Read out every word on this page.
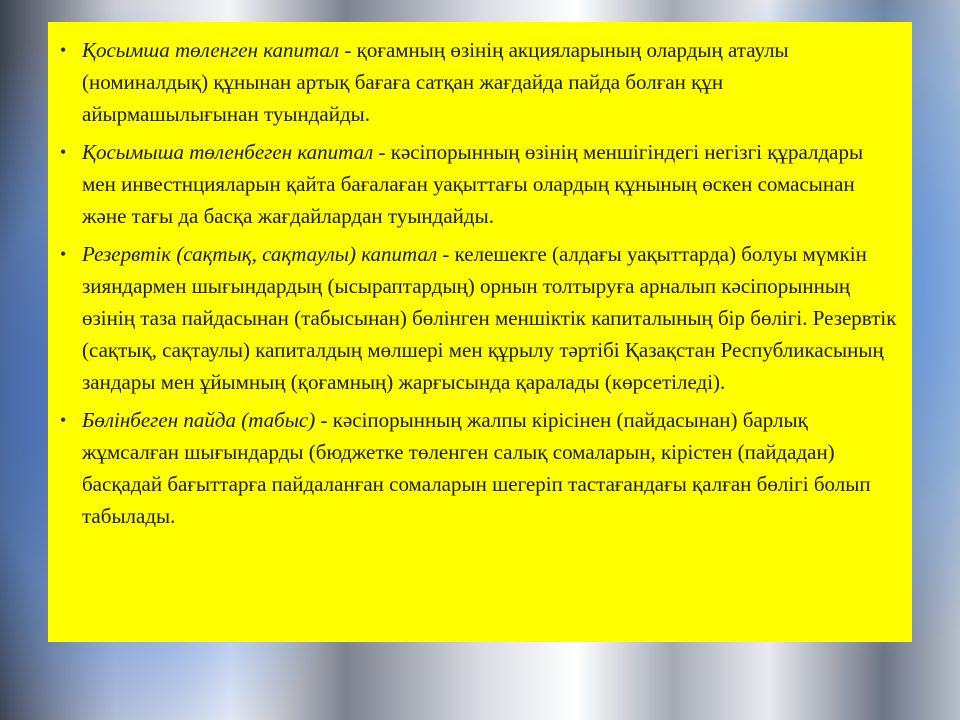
• Қосымша төленген капитал - қоғамның өзінің акцияларының олардың атаулы (номиналдық) құнынан артық бағаға сатқан жағдайда пайда болған құн айырмашылығынан туындайды.
• Қосымыша төленбеген капитал - кәсіпорынның өзінің меншігіндегі негізгі құралдары мен инвестнцияларын қайта бағалаған уақыттағы олардың құнының өскен сомасынан және тағы да басқа жағдайлардан туындайды.
• Резервтік (сақтық, сақтаулы) капитал - келешекге (алдағы уақыттарда) болуы мүмкін зияндармен шығындардың (ысыраптардың) орнын толтыруға арналып кәсіпорынның өзінің таза пайдасынан (табысынан) бөлінген меншіктік капиталының бір бөлігі. Резервтік (сақтық, сақтаулы) капиталдың мөлшері мен құрылу тәртібі Қазақстан Республикасының зандары мен ұйымның (қоғамның) жарғысында қаралады (көрсетіледі).
• Бөлінбеген пайда (табыс) - кәсіпорынның жалпы кірісінен (пайдасынан) барлық жұмсалған шығындарды (бюджетке төленген салық сомаларын, кірістен (пайдадан) басқадай бағыттарға пайдаланған сомаларын шегеріп тастағандағы қалған бөлігі болып табылады.
